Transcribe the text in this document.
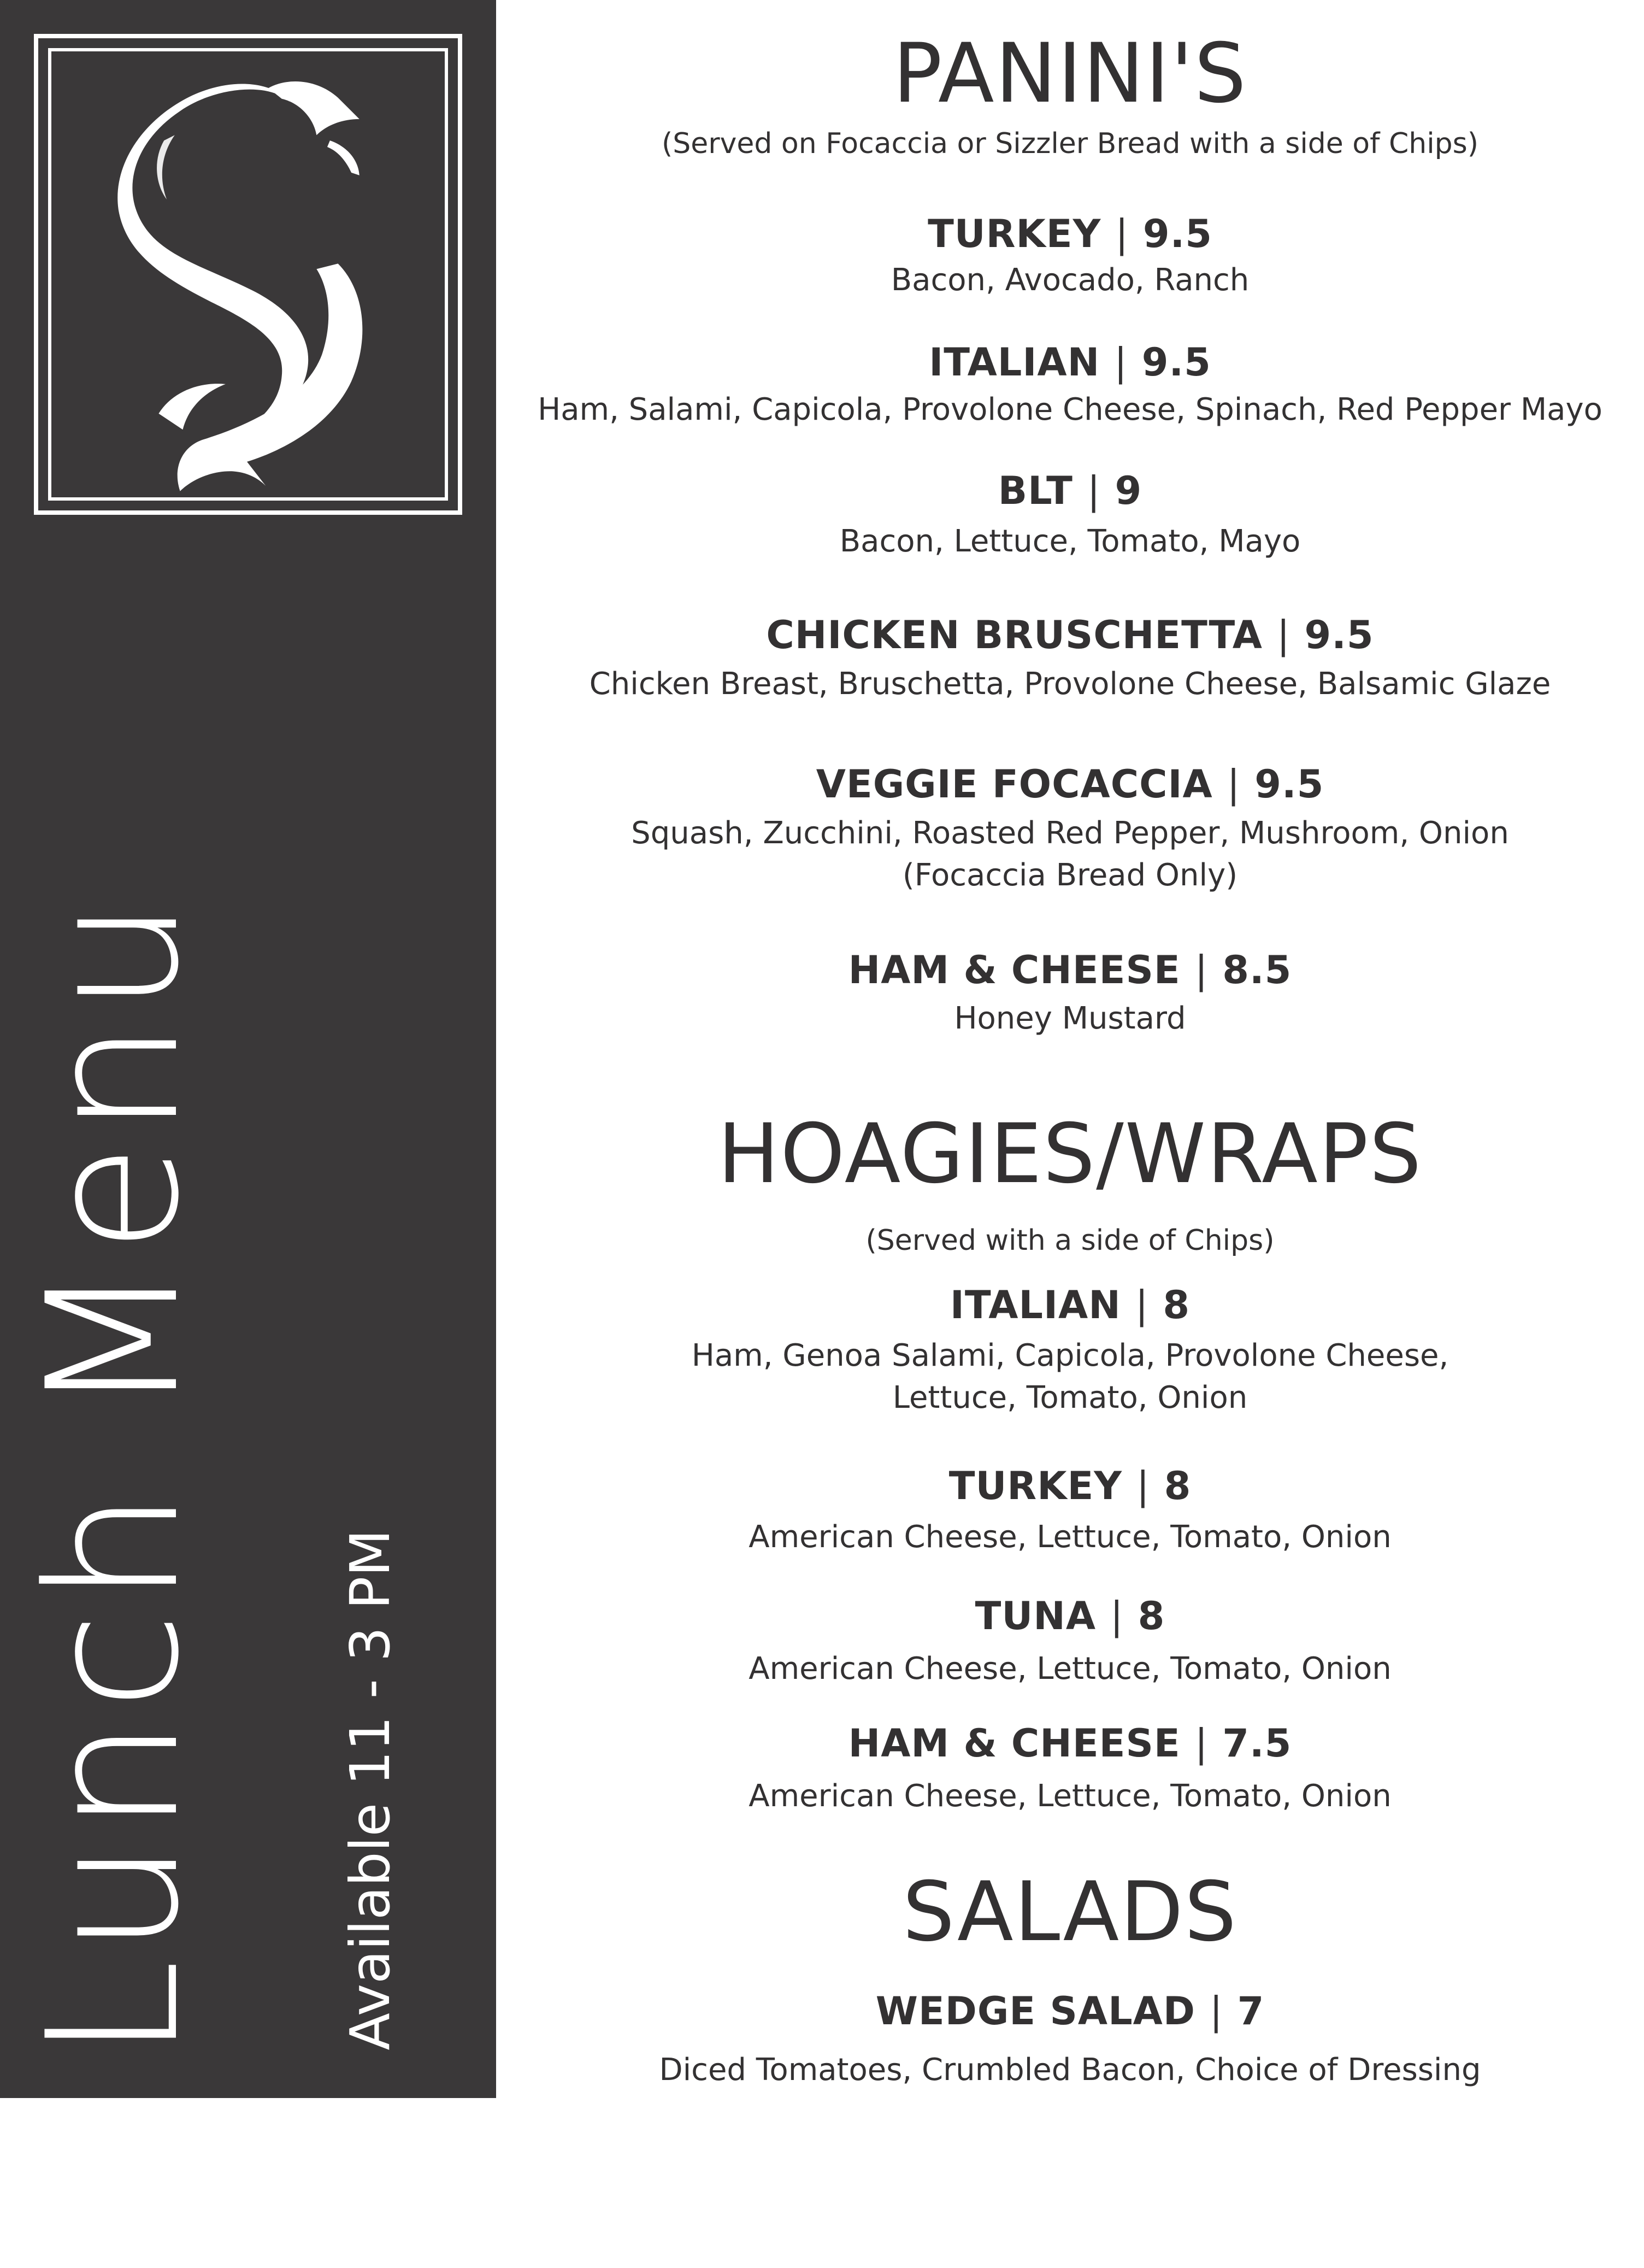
Lunch Menu Available 11 - 3 PM
PANINI'S
(Served on Focaccia or Sizzler Bread with a side of Chips)
TURKEY | 9.5
Bacon, Avocado, Ranch
ITALIAN | 9.5
Ham, Salami, Capicola, Provolone Cheese, Spinach, Red Pepper Mayo
BLT | 9
Bacon, Lettuce, Tomato, Mayo
CHICKEN BRUSCHETTA | 9.5
Chicken Breast, Bruschetta, Provolone Cheese, Balsamic Glaze
VEGGIE FOCACCIA | 9.5
Squash, Zucchini, Roasted Red Pepper, Mushroom, Onion
(Focaccia Bread Only)
HAM & CHEESE | 8.5
Honey Mustard
HOAGIES/WRAPS
(Served with a side of Chips)
ITALIAN | 8
Ham, Genoa Salami, Capicola, Provolone Cheese,
Lettuce, Tomato, Onion
TURKEY | 8
American Cheese, Lettuce, Tomato, Onion
TUNA | 8
American Cheese, Lettuce, Tomato, Onion
HAM & CHEESE | 7.5
American Cheese, Lettuce, Tomato, Onion
SALADS
WEDGE SALAD | 7
Diced Tomatoes, Crumbled Bacon, Choice of Dressing
